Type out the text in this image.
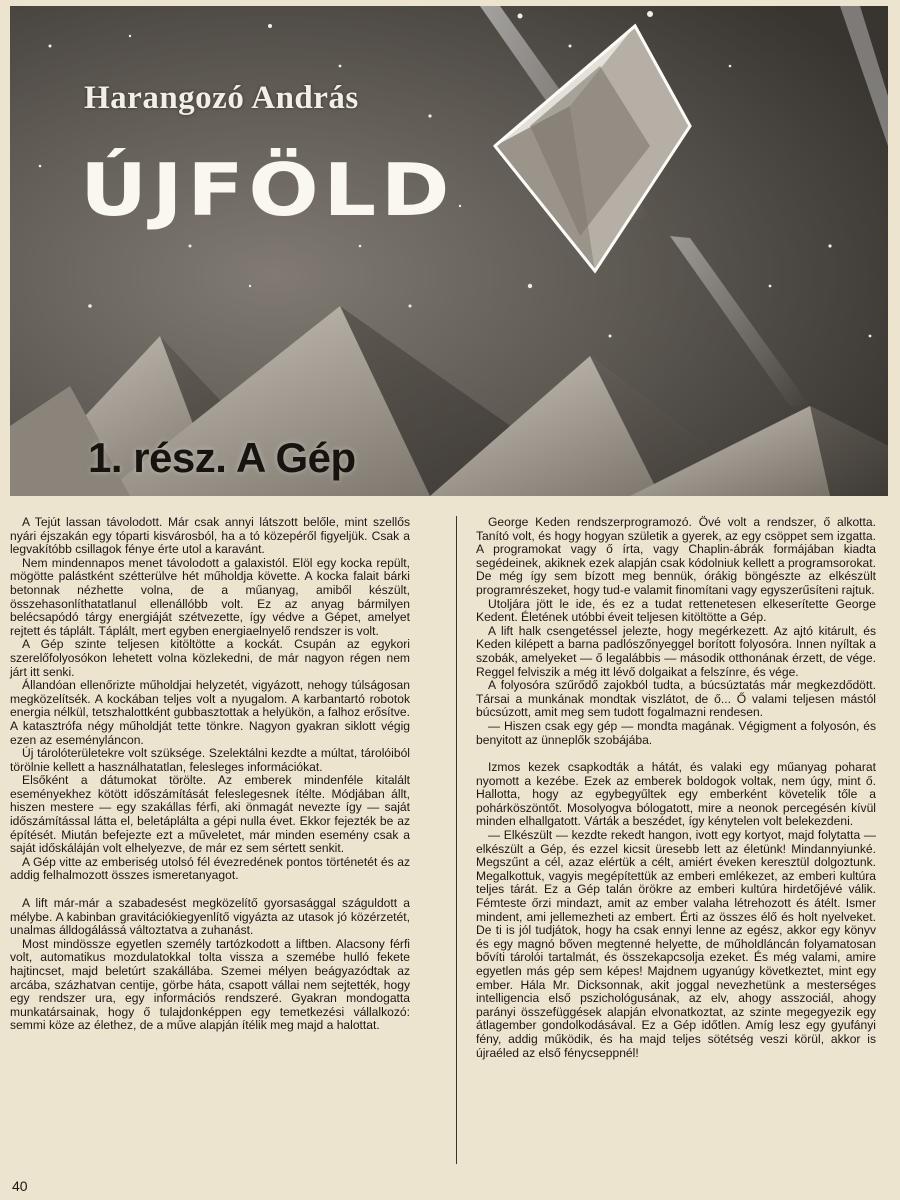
Harangozó András
ÚJFÖLD
1. rész. A Gép

A Tejút lassan távolodott. Már csak annyi látszott belőle, mint szellős nyári éjszakán egy tóparti kisvárosból, ha a tó közepéről figyeljük. Csak a legvakítóbb csillagok fénye érte utol a karavánt.

Nem mindennapos menet távolodott a galaxistól. Elöl egy kocka repült, mögötte palástként szétterülve hét műholdja követte. A kocka falait bárki betonnak nézhette volna, de a műanyag, amiből készült, összehasonlíthatatlanul ellenállóbb volt. Ez az anyag bármilyen belécsapódó tárgy energiáját szétvezette, így védve a Gépet, amelyet rejtett és táplált. Táplált, mert egyben energiaelnyelő rendszer is volt.

A Gép szinte teljesen kitöltötte a kockát. Csupán az egykori szerelőfolyosókon lehetett volna közlekedni, de már nagyon régen nem járt itt senki.

Állandóan ellenőrizte műholdjai helyzetét, vigyázott, nehogy túlságosan megközelítsék. A kockában teljes volt a nyugalom. A karbantartó robotok energia nélkül, tetszhalottként gubbasztottak a helyükön, a falhoz erősítve. A katasztrófa négy műholdját tette tönkre. Nagyon gyakran siklott végig ezen az eseményláncon.

Új tárolóterületekre volt szüksége. Szelektálni kezdte a múltat, tárolóiból törölnie kellett a használhatatlan, felesleges információkat.

Elsőként a dátumokat törölte. Az emberek mindenféle kitalált eseményekhez kötött időszámítását feleslegesnek ítélte. Módjában állt, hiszen mestere — egy szakállas férfi, aki önmagát nevezte így — saját időszámítással látta el, beletáplálta a gépi nulla évet. Ekkor fejezték be az építését. Miután befejezte ezt a műveletet, már minden esemény csak a saját időskáláján volt elhelyezve, de már ez sem sértett senkit.

A Gép vitte az emberiség utolsó fél évezredének pontos történetét és az addig felhalmozott összes ismeretanyagot.

A lift már-már a szabadesést megközelítő gyorsasággal száguldott a mélybe. A kabinban gravitációkiegyenlítő vigyázta az utasok jó közérzetét, unalmas álldogálássá változtatva a zuhanást.

Most mindössze egyetlen személy tartózkodott a liftben. Alacsony férfi volt, automatikus mozdulatokkal tolta vissza a szemébe hulló fekete hajtincset, majd beletúrt szakállába. Szemei mélyen beágyazódtak az arcába, százhatvan centije, görbe háta, csapott vállai nem sejtették, hogy egy rendszer ura, egy információs rendszeré. Gyakran mondogatta munkatársainak, hogy ő tulajdonképpen egy temetkezési vállalkozó: semmi köze az élethez, de a műve alapján ítélik meg majd a halottat.

George Keden rendszerprogramozó. Övé volt a rendszer, ő alkotta. Tanító volt, és hogy hogyan születik a gyerek, az egy csöppet sem izgatta. A programokat vagy ő írta, vagy Chaplin-ábrák formájában kiadta segédeinek, akiknek ezek alapján csak kódolniuk kellett a programsorokat. De még így sem bízott meg bennük, órákig böngészte az elkészült programrészeket, hogy tud-e valamit finomítani vagy egyszerűsíteni rajtuk.

Utoljára jött le ide, és ez a tudat rettenetesen elkeserítette George Kedent. Életének utóbbi éveit teljesen kitöltötte a Gép.

A lift halk csengetéssel jelezte, hogy megérkezett. Az ajtó kitárult, és Keden kilépett a barna padlószőnyeggel borított folyosóra. Innen nyíltak a szobák, amelyeket — ő legalábbis — második otthonának érzett, de vége. Reggel felviszik a még itt lévő dolgaikat a felszínre, és vége.

A folyosóra szűrődő zajokból tudta, a búcsúztatás már megkezdődött. Társai a munkának mondtak viszlátot, de ő... Ő valami teljesen mástól búcsúzott, amit meg sem tudott fogalmazni rendesen.

— Hiszen csak egy gép — mondta magának. Végigment a folyosón, és benyitott az ünneplők szobájába.

Izmos kezek csapkodták a hátát, és valaki egy műanyag poharat nyomott a kezébe. Ezek az emberek boldogok voltak, nem úgy, mint ő. Hallotta, hogy az egybegyűltek egy emberként követelik tőle a pohárköszöntőt. Mosolyogva bólogatott, mire a neonok percegésén kívül minden elhallgatott. Várták a beszédet, így kénytelen volt belekezdeni.

— Elkészült — kezdte rekedt hangon, ivott egy kortyot, majd folytatta — elkészült a Gép, és ezzel kicsit üresebb lett az életünk! Mindannyiunké. Megszűnt a cél, azaz elértük a célt, amiért éveken keresztül dolgoztunk. Megalkottuk, vagyis megépítettük az emberi emlékezet, az emberi kultúra teljes tárát. Ez a Gép talán örökre az emberi kultúra hirdetőjévé válik. Fémteste őrzi mindazt, amit az ember valaha létrehozott és átélt. Ismer mindent, ami jellemezheti az embert. Érti az összes élő és holt nyelveket. De ti is jól tudjátok, hogy ha csak ennyi lenne az egész, akkor egy könyv és egy magnó bőven megtenné helyette, de műholdláncán folyamatosan bővíti tárolói tartalmát, és összekapcsolja ezeket. És még valami, amire egyetlen más gép sem képes! Majdnem ugyanúgy következtet, mint egy ember. Hála Mr. Dicksonnak, akit joggal nevezhetünk a mesterséges intelligencia első pszichológusának, az elv, ahogy asszociál, ahogy parányi összefüggések alapján elvonatkoztat, az szinte megegyezik egy átlagember gondolkodásával. Ez a Gép időtlen. Amíg lesz egy gyufányi fény, addig működik, és ha majd teljes sötétség veszi körül, akkor is újraéled az első fénycseppnél!

40
